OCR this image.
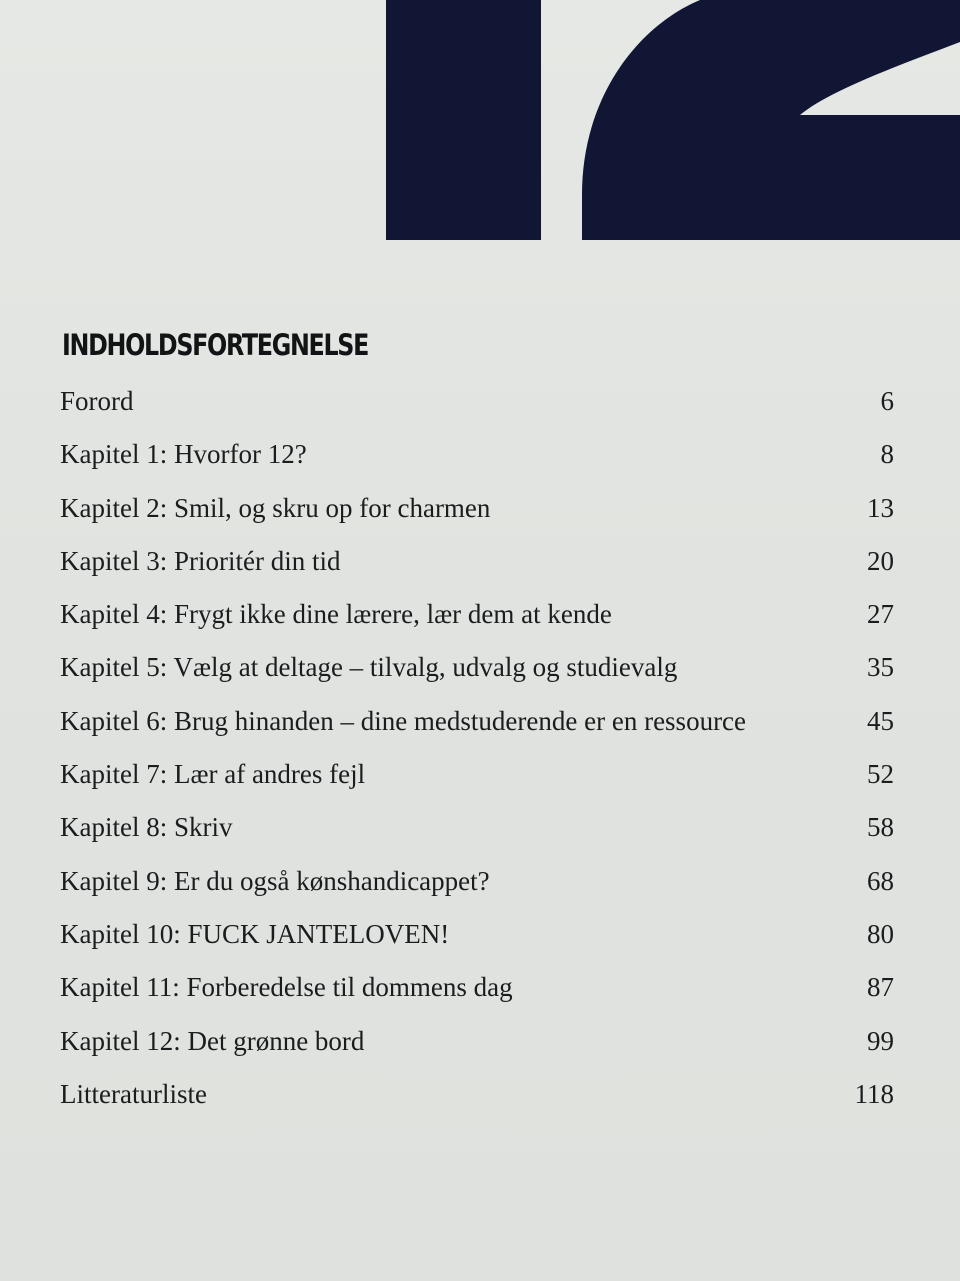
INDHOLDSFORTEGNELSE
Forord	6
Kapitel 1: Hvorfor 12?	8
Kapitel 2: Smil, og skru op for charmen	13
Kapitel 3: Prioritér din tid	20
Kapitel 4: Frygt ikke dine lærere, lær dem at kende	27
Kapitel 5: Vælg at deltage – tilvalg, udvalg og studievalg	35
Kapitel 6: Brug hinanden – dine medstuderende er en ressource	45
Kapitel 7: Lær af andres fejl	52
Kapitel 8: Skriv	58
Kapitel 9: Er du også kønshandicappet?	68
Kapitel 10: FUCK JANTELOVEN!	80
Kapitel 11: Forberedelse til dommens dag	87
Kapitel 12: Det grønne bord	99
Litteraturliste	118
